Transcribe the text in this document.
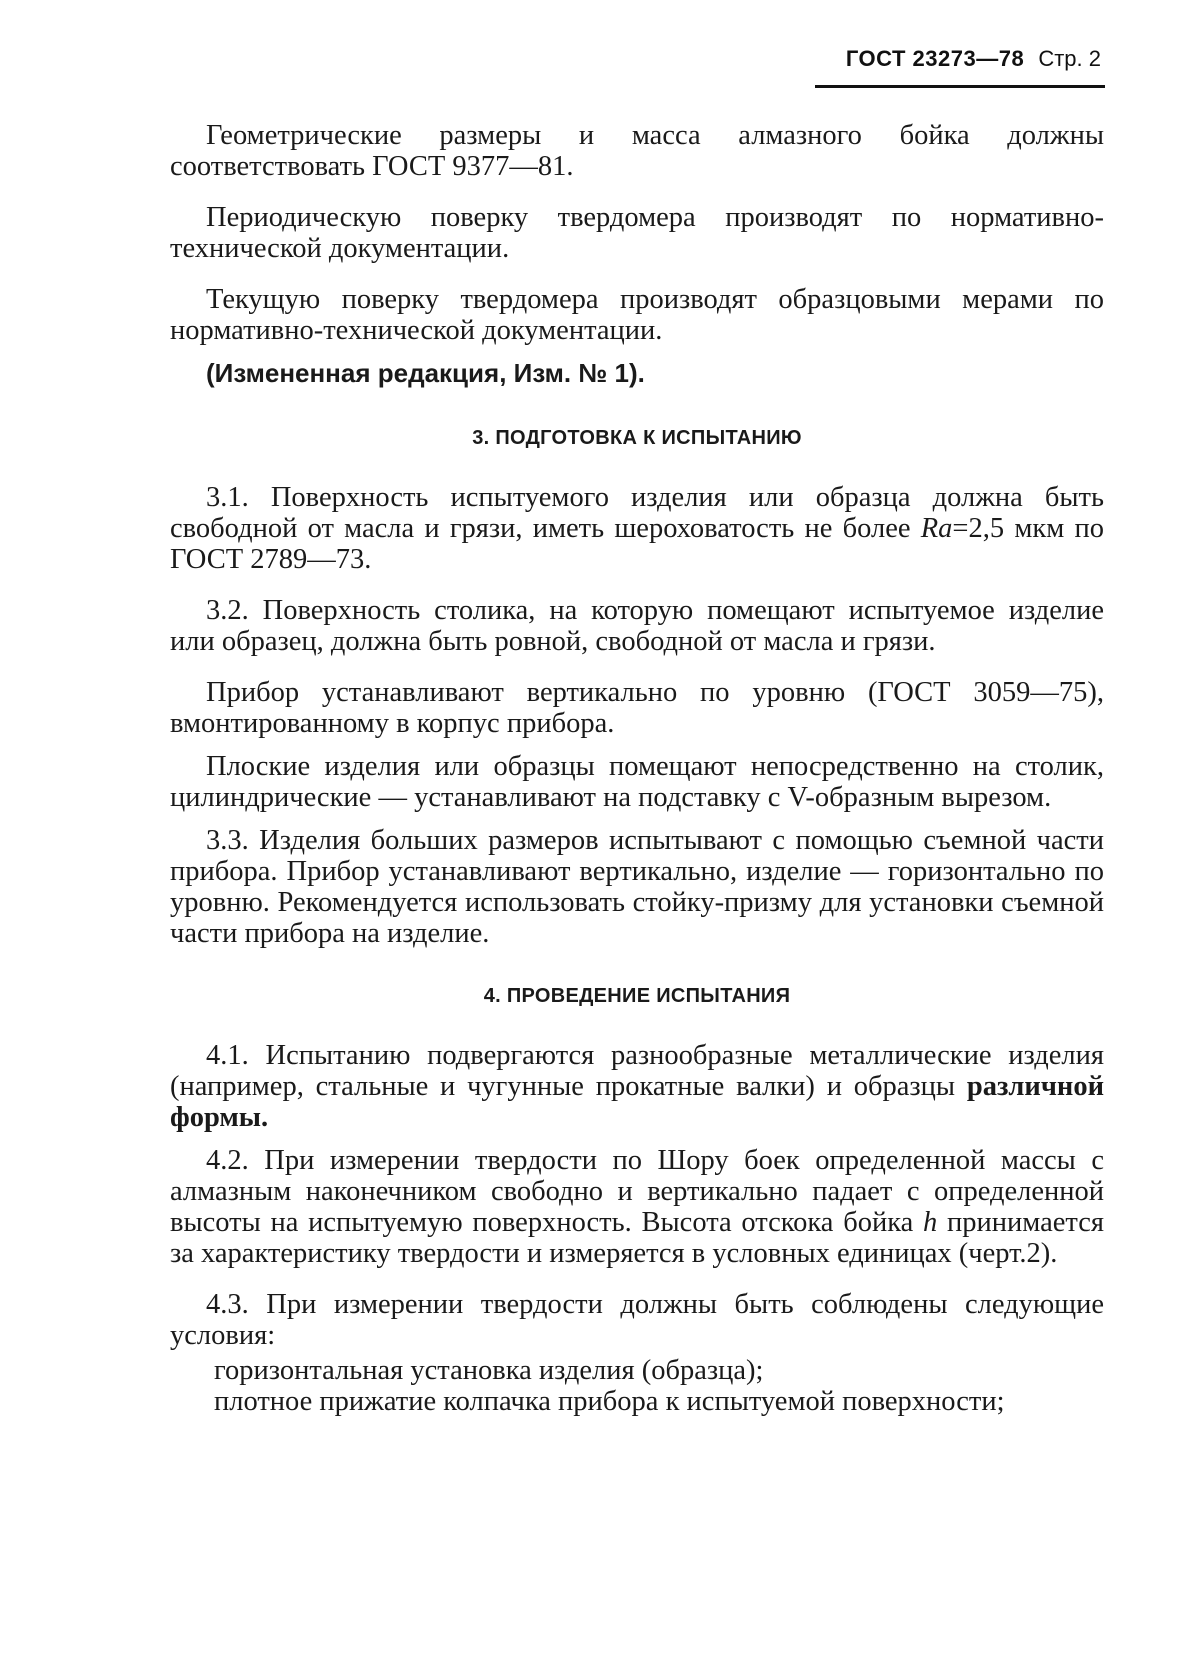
ГОСТ 23273—78 Стр. 2

Геометрические размеры и масса алмазного бойка должны соответствовать ГОСТ 9377—81.

Периодическую поверку твердомера производят по нормативно-технической документации.

Текущую поверку твердомера производят образцовыми мерами по нормативно-технической документации.

(Измененная редакция, Изм. № 1).
3. ПОДГОТОВКА К ИСПЫТАНИЮ

3.1. Поверхность испытуемого изделия или образца должна быть свободной от масла и грязи, иметь шероховатость не более Ra=2,5 мкм по ГОСТ 2789—73.

3.2. Поверхность столика, на которую помещают испытуемое изделие или образец, должна быть ровной, свободной от масла и грязи.

Прибор устанавливают вертикально по уровню (ГОСТ 3059—75), вмонтированному в корпус прибора.

Плоские изделия или образцы помещают непосредственно на столик, цилиндрические — устанавливают на подставку с V-образным вырезом.

3.3. Изделия больших размеров испытывают с помощью съемной части прибора. Прибор устанавливают вертикально, изделие — горизонтально по уровню. Рекомендуется использовать стойку-призму для установки съемной части прибора на изделие.

4. ПРОВЕДЕНИЕ ИСПЫТАНИЯ

4.1. Испытанию подвергаются разнообразные металлические изделия (например, стальные и чугунные прокатные валки) и образцы различной формы.

4.2. При измерении твердости по Шору боек определенной массы с алмазным наконечником свободно и вертикально падает с определенной высоты на испытуемую поверхность. Высота отскока бойка h принимается за характеристику твердости и измеряется в условных единицах (черт.2).

4.3. При измерении твердости должны быть соблюдены следующие условия:

горизонтальная установка изделия (образца);

плотное прижатие колпачка прибора к испытуемой поверхности;
